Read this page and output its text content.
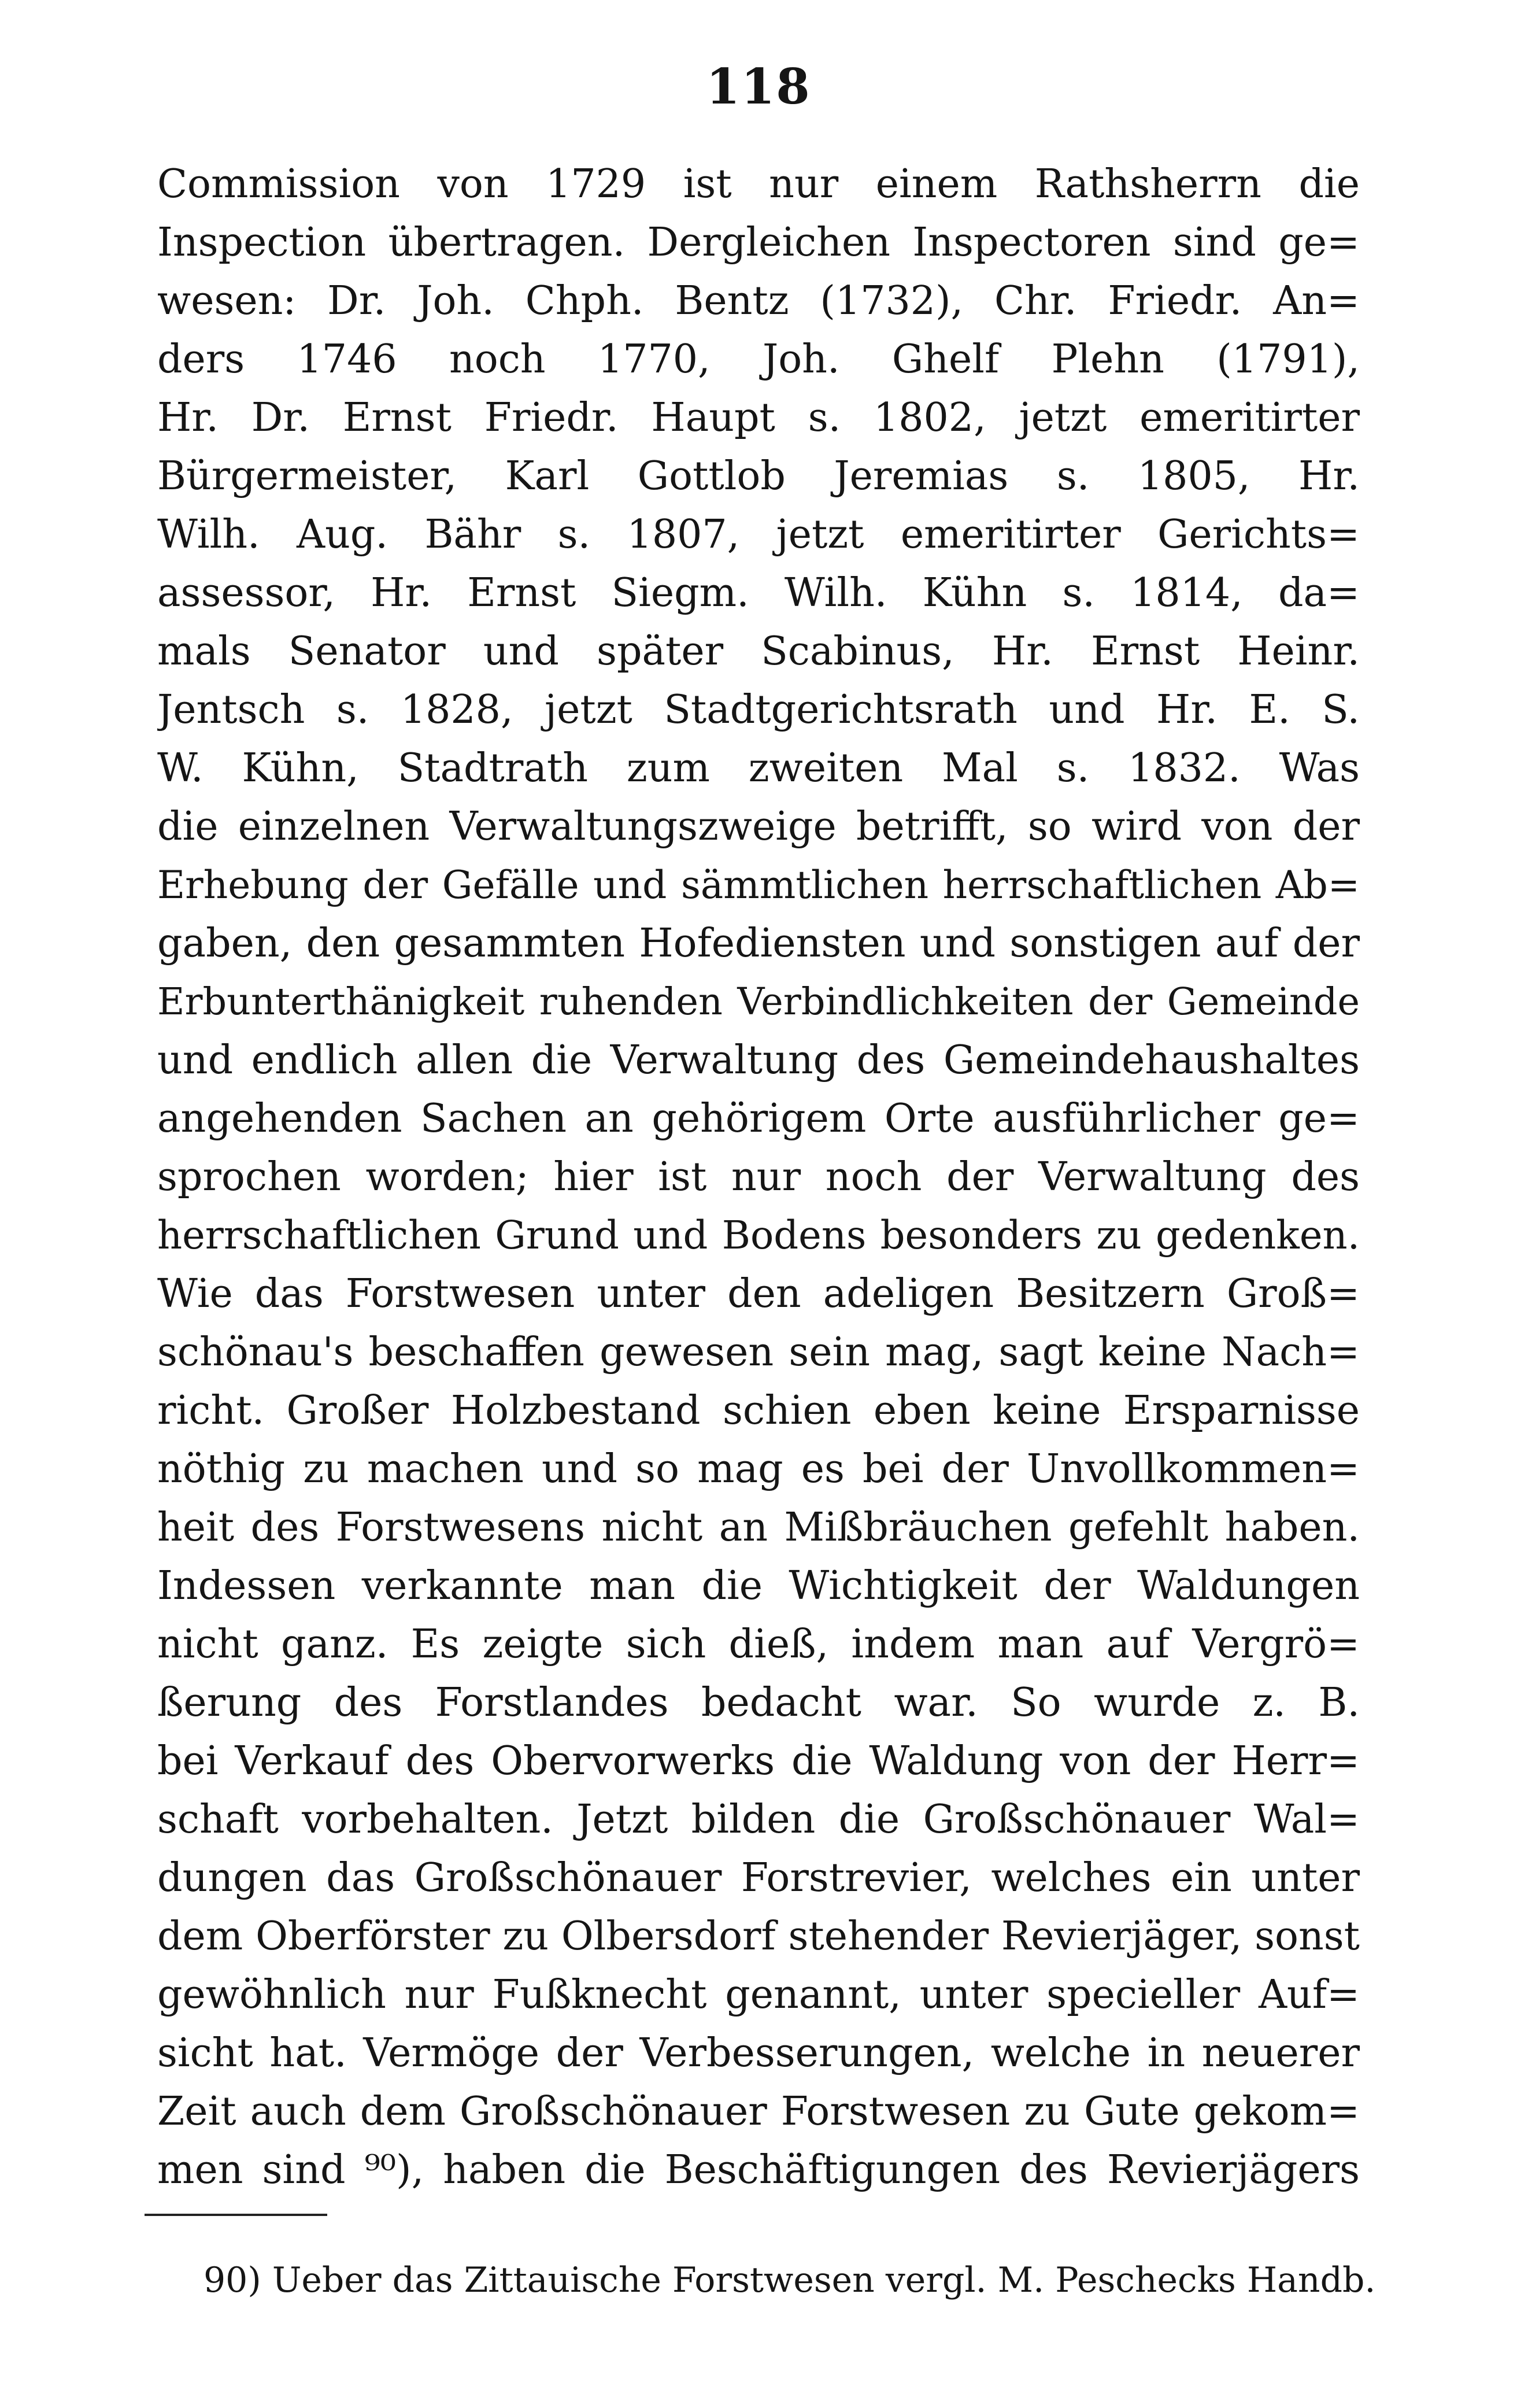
118
Commission von 1729 ist nur einem Rathsherrn die
Inspection übertragen. Dergleichen Inspectoren sind ge=
wesen: Dr. Joh. Chph. Bentz (1732), Chr. Friedr. An=
ders 1746 noch 1770, Joh. Ghelf Plehn (1791),
Hr. Dr. Ernst Friedr. Haupt s. 1802, jetzt emeritirter
Bürgermeister, Karl Gottlob Jeremias s. 1805, Hr.
Wilh. Aug. Bähr s. 1807, jetzt emeritirter Gerichts=
assessor, Hr. Ernst Siegm. Wilh. Kühn s. 1814, da=
mals Senator und später Scabinus, Hr. Ernst Heinr.
Jentsch s. 1828, jetzt Stadtgerichtsrath und Hr. E. S.
W. Kühn, Stadtrath zum zweiten Mal s. 1832. Was
die einzelnen Verwaltungszweige betrifft, so wird von der
Erhebung der Gefälle und sämmtlichen herrschaftlichen Ab=
gaben, den gesammten Hofediensten und sonstigen auf der
Erbunterthänigkeit ruhenden Verbindlichkeiten der Gemeinde
und endlich allen die Verwaltung des Gemeindehaushaltes
angehenden Sachen an gehörigem Orte ausführlicher ge=
sprochen worden; hier ist nur noch der Verwaltung des
herrschaftlichen Grund und Bodens besonders zu gedenken.
Wie das Forstwesen unter den adeligen Besitzern Groß=
schönau's beschaffen gewesen sein mag, sagt keine Nach=
richt. Großer Holzbestand schien eben keine Ersparnisse
nöthig zu machen und so mag es bei der Unvollkommen=
heit des Forstwesens nicht an Mißbräuchen gefehlt haben.
Indessen verkannte man die Wichtigkeit der Waldungen
nicht ganz. Es zeigte sich dieß, indem man auf Vergrö=
ßerung des Forstlandes bedacht war. So wurde z. B.
bei Verkauf des Obervorwerks die Waldung von der Herr=
schaft vorbehalten. Jetzt bilden die Großschönauer Wal=
dungen das Großschönauer Forstrevier, welches ein unter
dem Oberförster zu Olbersdorf stehender Revierjäger, sonst
gewöhnlich nur Fußknecht genannt, unter specieller Auf=
sicht hat. Vermöge der Verbesserungen, welche in neuerer
Zeit auch dem Großschönauer Forstwesen zu Gute gekom=
men sind ⁹⁰), haben die Beschäftigungen des Revierjägers
90) Ueber das Zittauische Forstwesen vergl. M. Peschecks Handb.
